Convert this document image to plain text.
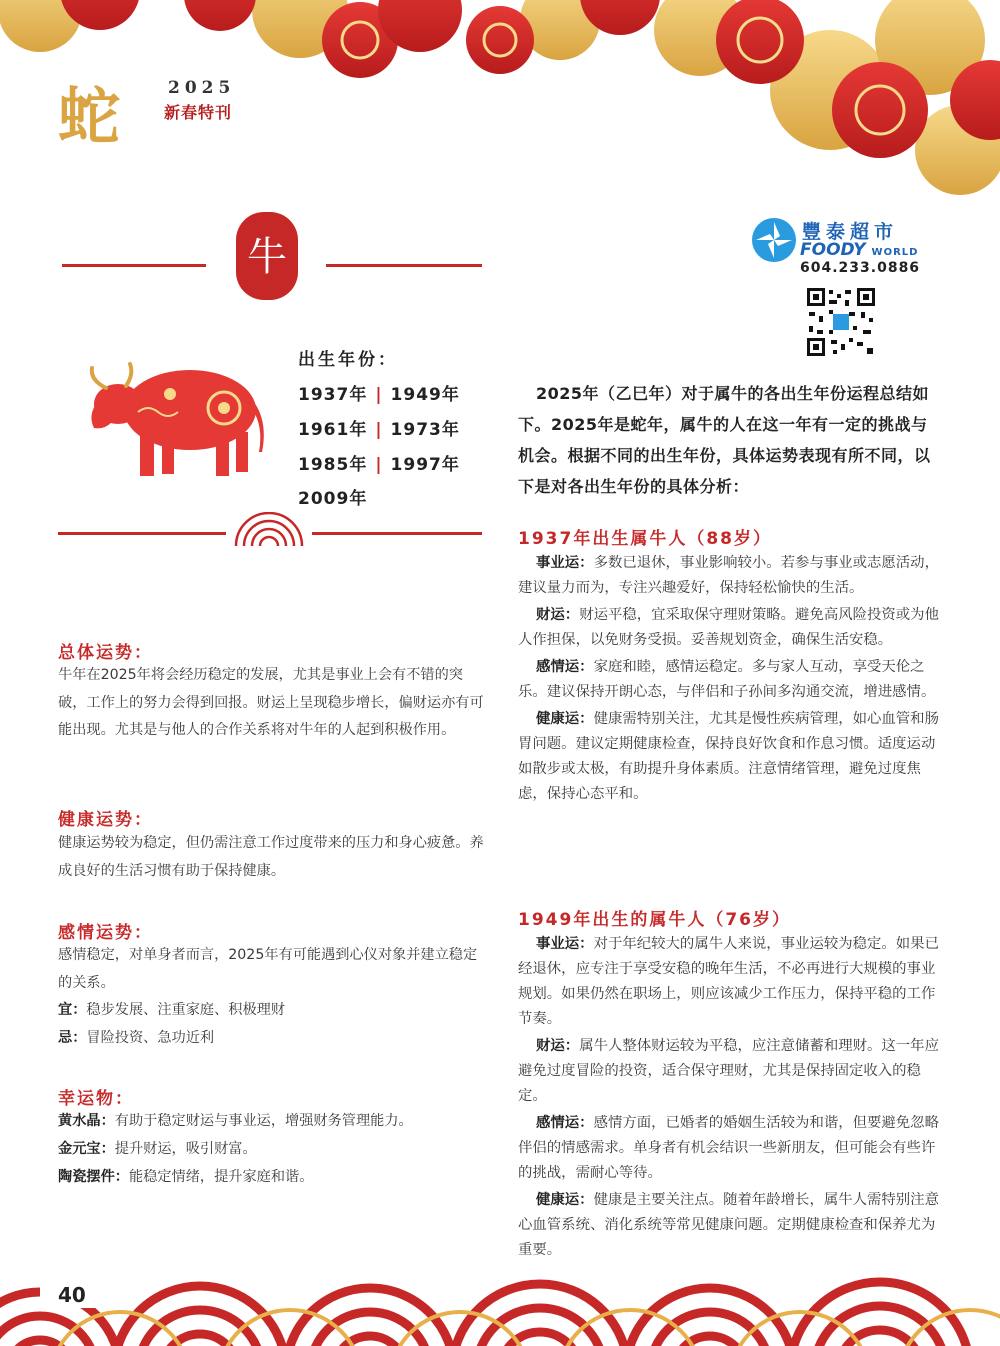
蛇	2025
新春特刊
牛
豐泰超市
FOODY WORLD
604.233.0886
出生年份：
1937年 | 1949年
1961年 | 1973年
1985年 | 1997年
2009年
总体运势：
牛年在2025年将会经历稳定的发展，尤其是事业上会有不错的突破，工作上的努力会得到回报。财运上呈现稳步增长，偏财运亦有可能出现。尤其是与他人的合作关系将对牛年的人起到积极作用。
健康运势：
健康运势较为稳定，但仍需注意工作过度带来的压力和身心疲惫。养成良好的生活习惯有助于保持健康。
感情运势：
感情稳定，对单身者而言，2025年有可能遇到心仪对象并建立稳定的关系。
宜：稳步发展、注重家庭、积极理财
忌：冒险投资、急功近利
幸运物：
黄水晶：有助于稳定财运与事业运，增强财务管理能力。
金元宝：提升财运，吸引财富。
陶瓷摆件：能稳定情绪，提升家庭和谐。
2025年（乙巳年）对于属牛的各出生年份运程总结如下。2025年是蛇年，属牛的人在这一年有一定的挑战与机会。根据不同的出生年份，具体运势表现有所不同，以下是对各出生年份的具体分析：
1937年出生属牛人（88岁）

事业运：多数已退休，事业影响较小。若参与事业或志愿活动，建议量力而为，专注兴趣爱好，保持轻松愉快的生活。

财运：财运平稳，宜采取保守理财策略。避免高风险投资或为他人作担保，以免财务受损。妥善规划资金，确保生活安稳。

感情运：家庭和睦，感情运稳定。多与家人互动，享受天伦之乐。建议保持开朗心态，与伴侣和子孙间多沟通交流，增进感情。

健康运：健康需特别关注，尤其是慢性疾病管理，如心血管和肠胃问题。建议定期健康检查，保持良好饮食和作息习惯。适度运动如散步或太极，有助提升身体素质。注意情绪管理，避免过度焦虑，保持心态平和。

1949年出生的属牛人（76岁）

事业运：对于年纪较大的属牛人来说，事业运较为稳定。如果已经退休，应专注于享受安稳的晚年生活，不必再进行大规模的事业规划。如果仍然在职场上，则应该减少工作压力，保持平稳的工作节奏。

财运：属牛人整体财运较为平稳，应注意储蓄和理财。这一年应避免过度冒险的投资，适合保守理财，尤其是保持固定收入的稳定。

感情运：感情方面，已婚者的婚姻生活较为和谐，但要避免忽略伴侣的情感需求。单身者有机会结识一些新朋友，但可能会有些许的挑战，需耐心等待。

健康运：健康是主要关注点。随着年龄增长，属牛人需特别注意心血管系统、消化系统等常见健康问题。定期健康检查和保养尤为重要。

40
